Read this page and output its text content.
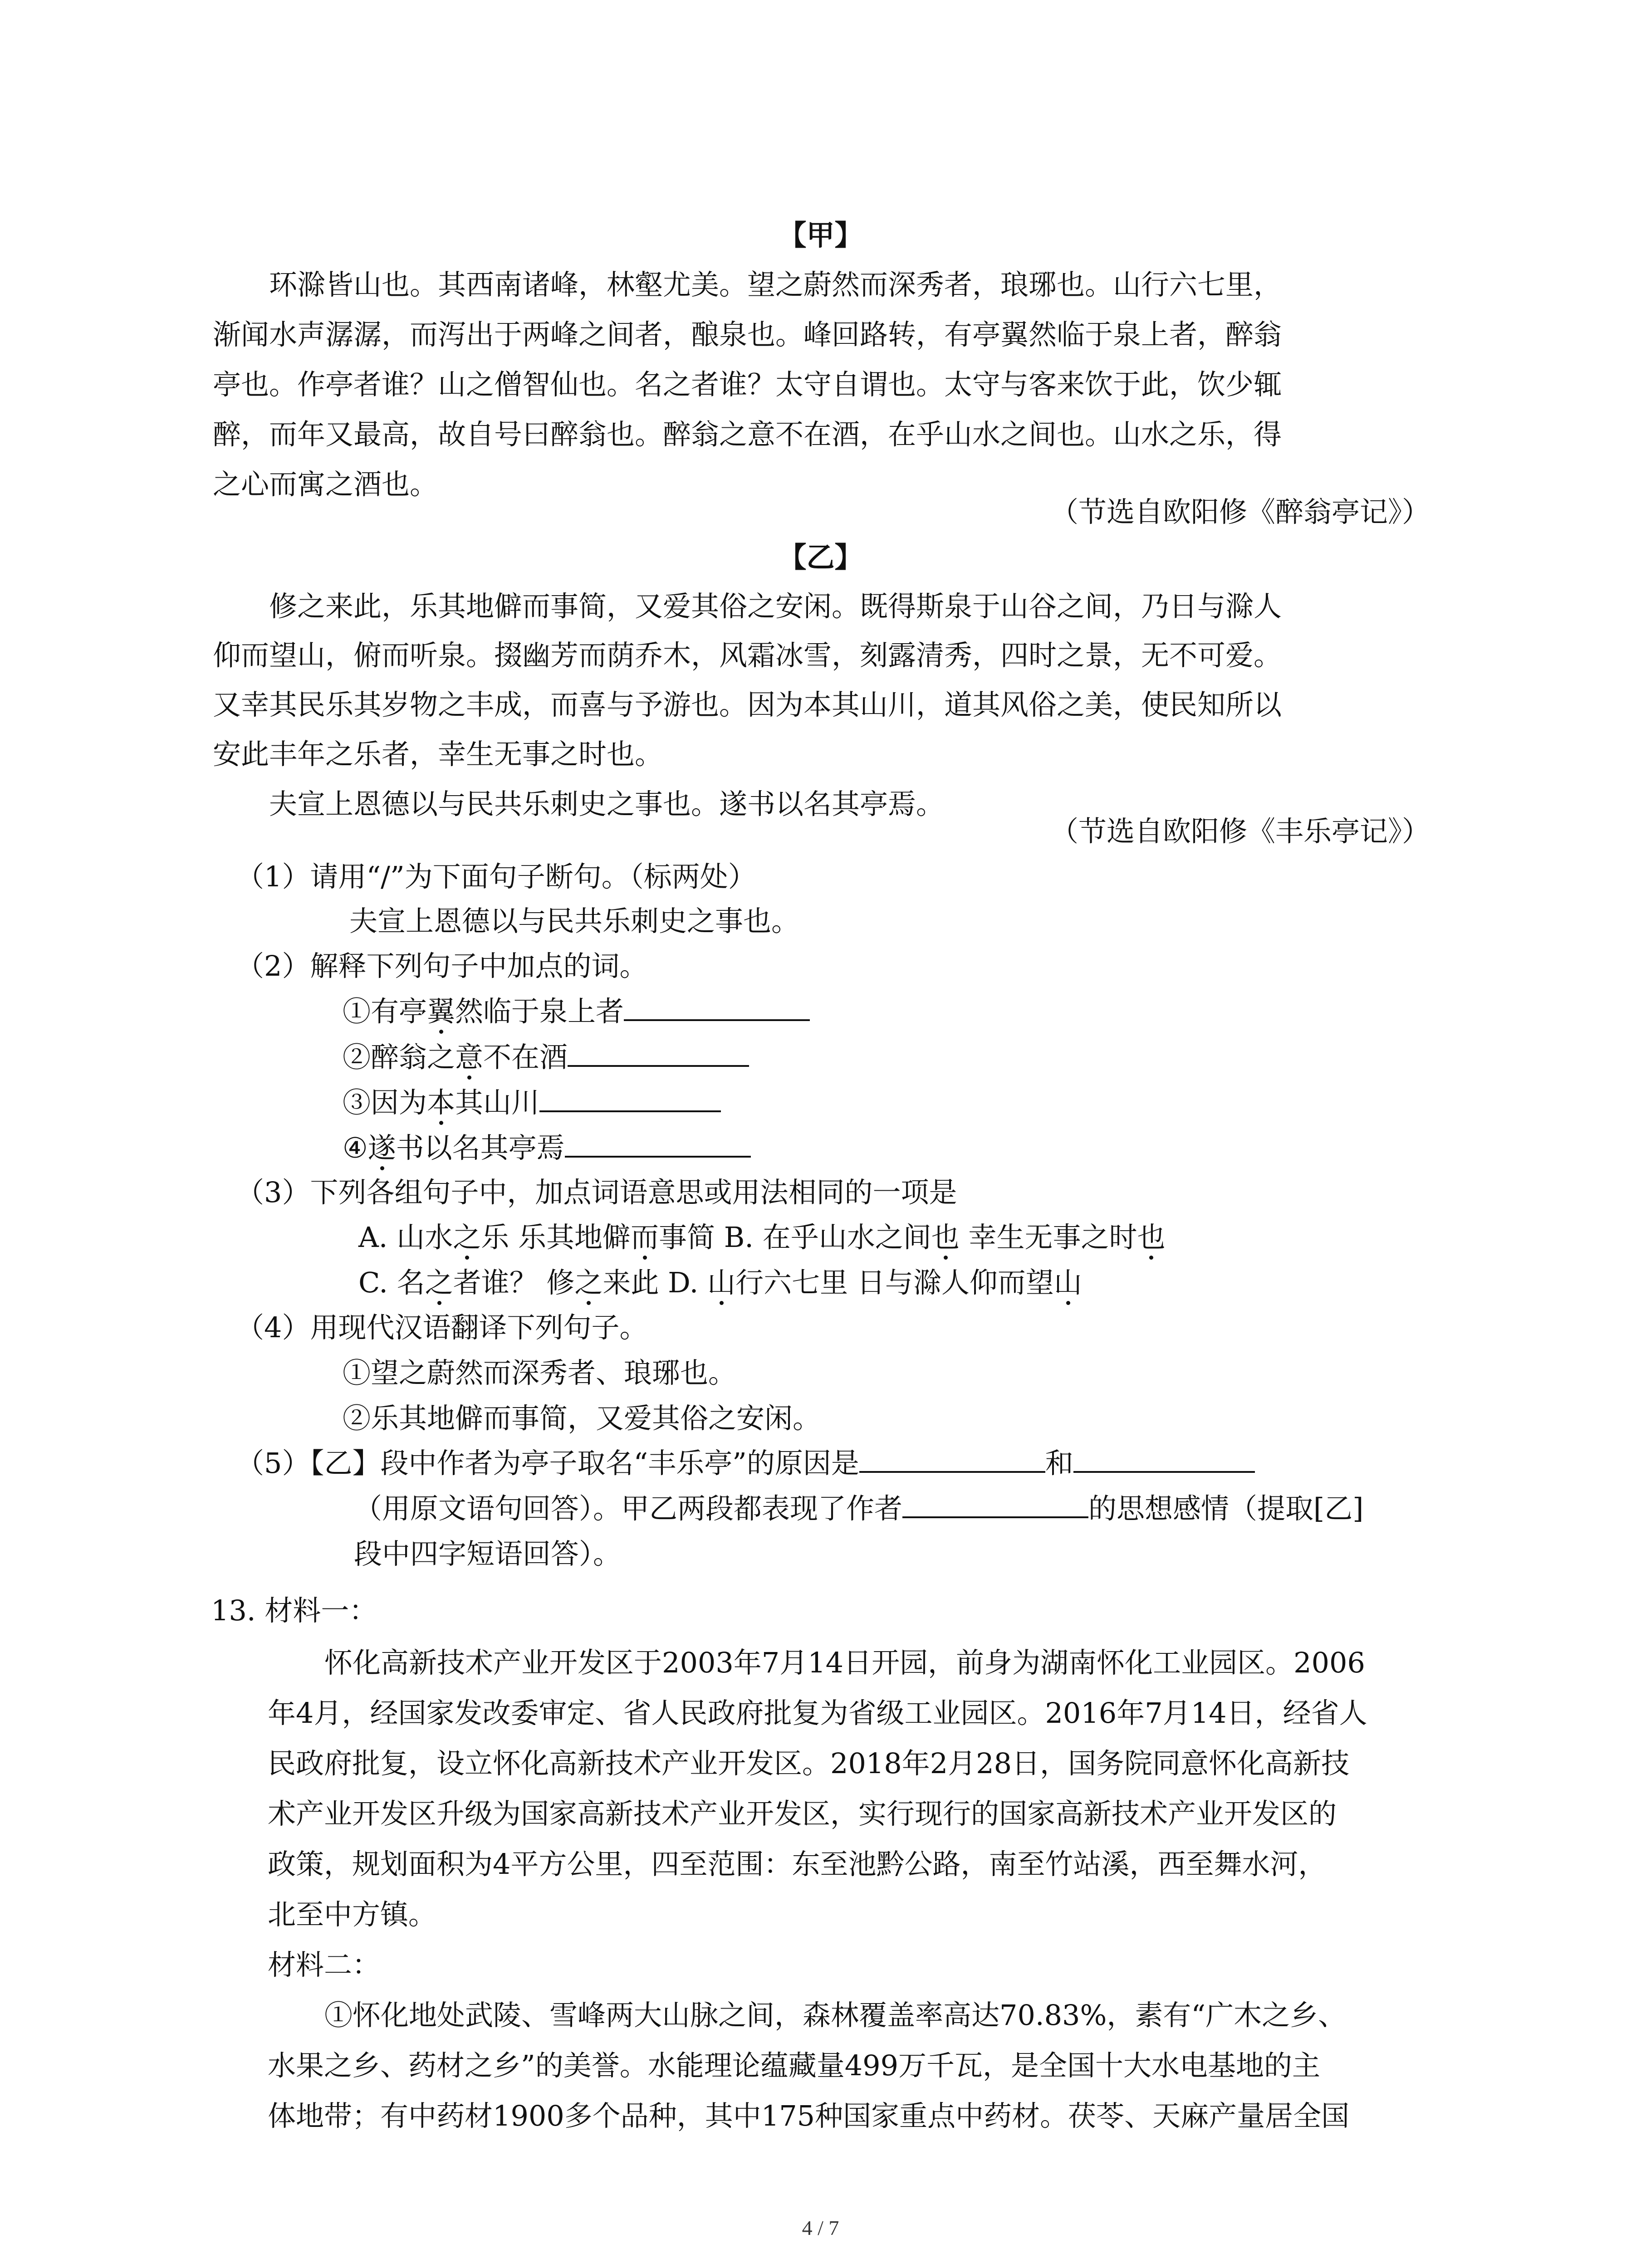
【甲】
环滁皆山也。其西南诸峰，林壑尤美。望之蔚然而深秀者，琅琊也。山行六七里，
渐闻水声潺潺，而泻出于两峰之间者，酿泉也。峰回路转，有亭翼然临于泉上者，醉翁
亭也。作亭者谁？山之僧智仙也。名之者谁？太守自谓也。太守与客来饮于此，饮少辄
醉，而年又最高，故自号曰醉翁也。醉翁之意不在酒，在乎山水之间也。山水之乐，得
之心而寓之酒也。
（节选自欧阳修《醉翁亭记》）
【乙】
修之来此，乐其地僻而事简，又爱其俗之安闲。既得斯泉于山谷之间，乃日与滁人
仰而望山，俯而听泉。掇幽芳而荫乔木，风霜冰雪，刻露清秀，四时之景，无不可爱。
又幸其民乐其岁物之丰成，而喜与予游也。因为本其山川，道其风俗之美，使民知所以
安此丰年之乐者，幸生无事之时也。
夫宣上恩德以与民共乐刺史之事也。遂书以名其亭焉。
（节选自欧阳修《丰乐亭记》）
（1）请用“/”为下面句子断句。（标两处）
夫宣上恩德以与民共乐刺史之事也。
（2）解释下列句子中加点的词。
①有亭翼然临于泉上者
②醉翁之意不在酒
③因为本其山川
④遂书以名其亭焉
（3）下列各组句子中，加点词语意思或用法相同的一项是
A. 山水之乐 乐其地僻而事简 B. 在乎山水之间也 幸生无事之时也
C. 名之者谁？ 修之来此 D. 山行六七里 日与滁人仰而望山
（4）用现代汉语翻译下列句子。
①望之蔚然而深秀者、琅琊也。
②乐其地僻而事简，又爱其俗之安闲。
（5）【乙】段中作者为亭子取名“丰乐亭”的原因是	和
（用原文语句回答）。甲乙两段都表现了作者	的思想感情（提取[乙]
段中四字短语回答）。
13. 材料一：
怀化高新技术产业开发区于2003年7月14日开园，前身为湖南怀化工业园区。2006
年4月，经国家发改委审定、省人民政府批复为省级工业园区。2016年7月14日，经省人
民政府批复，设立怀化高新技术产业开发区。2018年2月28日，国务院同意怀化高新技
术产业开发区升级为国家高新技术产业开发区，实行现行的国家高新技术产业开发区的
政策，规划面积为4平方公里，四至范围：东至池黔公路，南至竹站溪，西至舞水河，
北至中方镇。
材料二：
①怀化地处武陵、雪峰两大山脉之间，森林覆盖率高达70.83%，素有“广木之乡、
水果之乡、药材之乡”的美誉。水能理论蕴藏量499万千瓦，是全国十大水电基地的主
体地带；有中药材1900多个品种，其中175种国家重点中药材。茯苓、天麻产量居全国
4 / 7
